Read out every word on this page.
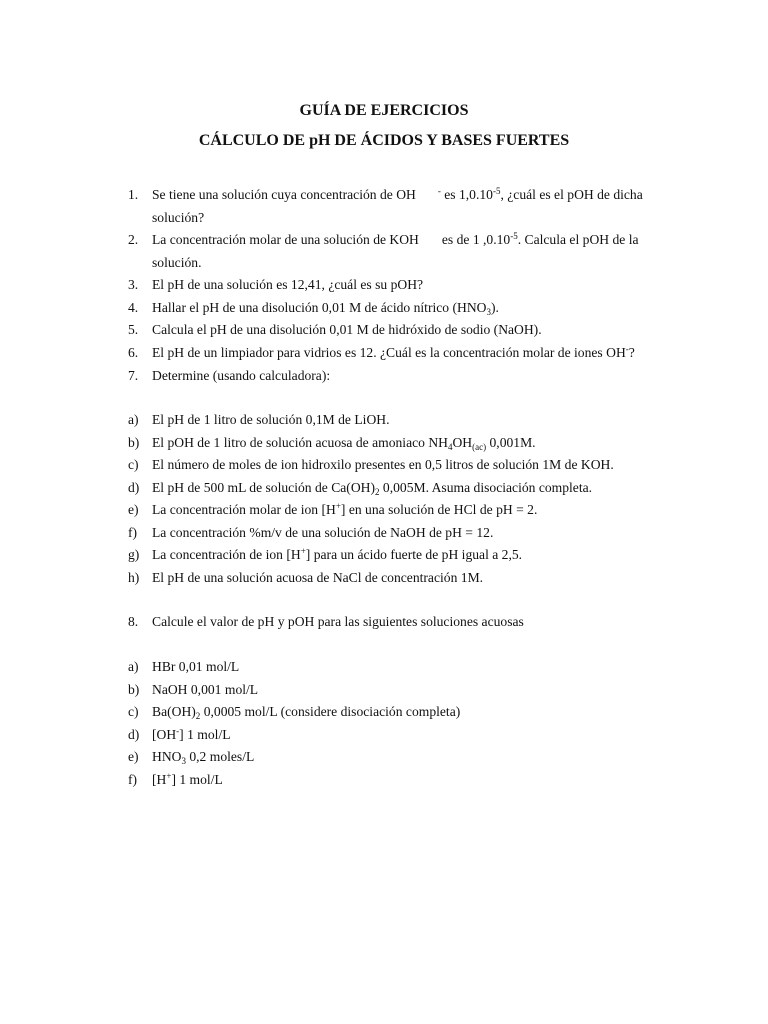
GUÍA DE EJERCICIOS
CÁLCULO DE pH DE ÁCIDOS Y BASES FUERTES
1. Se tiene una solución cuya concentración de OH - es $1,0.10^{-5}$, ¿cuál es el pOH de dicha
solución?
2. La concentración molar de una solución de KOH es de 1 $,0.10^{-5}$. Calcula el pOH de la
solución.
3. El pH de una solución es 12,41, ¿cuál es su pOH?
4. Hallar el pH de una disolución 0,01 M de ácido nítrico $(HNO_3)$.
5. Calcula el pH de una disolución 0,01 M de hidróxido de sodio (NaOH).
6. El pH de un limpiador para vidrios es 12. ¿Cuál es la concentración molar de iones OH-?
7. Determine (usando calculadora):
a) El pH de 1 litro de solución 0,1M de LiOH.
b) El pOH de 1 litro de solución acuosa de amoniaco $NH_4OH_{(ac)}$ 0,001M.
c) El número de moles de ion hidroxilo presentes en 0,5 litros de solución 1M de KOH.
d) El pH de 500 mL de solución de $Ca(OH)_2$ 0,005M. Asuma disociación completa.
e) La concentración molar de ion [H+] en una solución de HCl de pH = 2.
f) La concentración %m/v de una solución de NaOH de pH = 12.
g) La concentración de ion [H+] para un ácido fuerte de pH igual a 2,5.
h) El pH de una solución acuosa de NaCl de concentración 1M.
8. Calcule el valor de pH y pOH para las siguientes soluciones acuosas
a) HBr 0,01 mol/L
b) NaOH 0,001 mol/L
c) $Ba(OH)_2$ 0,0005 mol/L (considere disociación completa)
d) [OH-] 1 mol/L
e) $HNO_3$ 0,2 moles/L
f) [H+] 1 mol/L
